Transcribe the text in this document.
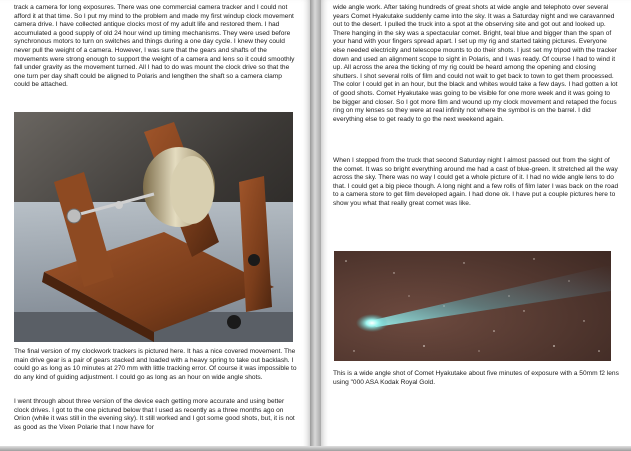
track a camera for long exposures. There was one commercial camera tracker and I could not afford it at that time. So I put my mind to the problem and made my first windup clock movement camera drive. I have collected antique clocks most of my adult life and restored them. I had accumulated a good supply of old 24 hour wind up timing mechanisms. They were used before synchronous motors to turn on switches and things during a one day cycle. I knew they could never pull the weight of a camera. However, I was sure that the gears and shafts of the movements were strong enough to support the weight of a camera and lens so it could smoothly fall under gravity as the movement turned. All I had to do was mount the clock drive so that the one turn per day shaft could be aligned to Polaris and lengthen the shaft so a camera clamp could be attached.

The final version of my clockwork trackers is pictured here. It has a nice covered movement. The main drive gear is a pair of gears stacked and loaded with a heavy spring to take out backlash. I could go as long as 10 minutes at 270 mm with little tracking error. Of course it was impossible to do any kind of guiding adjustment. I could go as long as an hour on wide angle shots.

I went through about three version of the device each getting more accurate and using better clock drives. I got to the one pictured below that I used as recently as a three months ago on Orion (while it was still in the evening sky). It still worked and I got some good shots, but, it is not as good as the Vixen Polarie that I now have for

wide angle work. After taking hundreds of great shots at wide angle and telephoto over several years Comet Hyakutake suddenly came into the sky. It was a Saturday night and we caravanned out to the desert. I pulled the truck into a spot at the observing site and got out and looked up. There hanging in the sky was a spectacular comet. Bright, teal blue and bigger than the span of your hand with your fingers spread apart. I set up my rig and started taking pictures. Everyone else needed electricity and telescope mounts to do their shots. I just set my tripod with the tracker down and used an alignment scope to sight in Polaris, and I was ready. Of course I had to wind it up. All across the area the ticking of my rig could be heard among the opening and closing shutters. I shot several rolls of film and could not wait to get back to town to get them processed. The color I could get in an hour, but the black and whites would take a few days. I had gotten a lot of good shots. Comet Hyakutake was going to be visible for one more week and it was going to be bigger and closer. So I got more film and wound up my clock movement and retaped the focus ring on my lenses so they were at real infinity not where the symbol is on the barrel. I did everything else to get ready to go the next weekend again.

When I stepped from the truck that second Saturday night I almost passed out from the sight of the comet. It was so bright everything around me had a cast of blue-green. It stretched all the way across the sky. There was no way I could get a whole picture of it. I had no wide angle lens to do that. I could get a big piece though. A long night and a few rolls of film later I was back on the road to a camera store to get film developed again. I had done ok. I have put a couple pictures here to show you what that really great comet was like.

This is a wide angle shot of Comet Hyakutake about five minutes of exposure with a 50mm f2 lens using "000 ASA Kodak Royal Gold.
